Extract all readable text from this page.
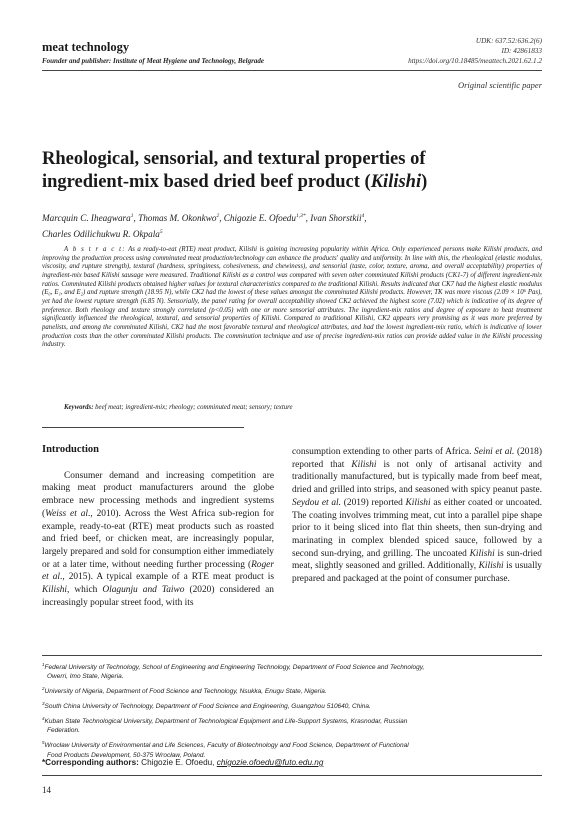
meat technology
Founder and publisher: Institute of Meat Hygiene and Technology, Belgrade
UDK: 637.52:636.2(6)
ID: 42861833
https://doi.org/10.18485/meattech.2021.62.1.2
Original scientific paper
Rheological, sensorial, and textural properties of
ingredient-mix based dried beef product (Kilishi)
Marcquin C. Iheagwara$^1$, Thomas M. Okonkwo$^2$, Chigozie E. Ofoedu$^{1,3*}$, Ivan Shorstkii$^4$,
Charles Odilichukwu R. Okpala$^5$
A b s t r a c t: As a ready-to-eat (RTE) meat product, Kilishi is gaining increasing popularity within Africa. Only experienced persons make Kilishi products, and improving the production process using comminuted meat production/technology can enhance the products' quality and uniformity. In line with this, the rheological (elastic modulus, viscosity, and rupture strength), textural (hardness, springiness, cohesiveness, and chewiness), and sensorial (taste, color, texture, aroma, and overall acceptability) properties of ingredient-mix based Kilishi sausage were measured. Traditional Kilishi as a control was compared with seven other comminuted Kilishi products (CK1-7) of different ingredient-mix ratios. Comminuted Kilishi products obtained higher values for textural characteristics compared to the traditional Kilishi. Results indicated that CK7 had the highest elastic modulus (E₀, E₁, and E₂) and rupture strength (18.95 N), while CK2 had the lowest of these values amongst the comminuted Kilishi products. However, TK was more viscous (2.09 × 10⁶ Pas), yet had the lowest rupture strength (6.85 N). Sensorially, the panel rating for overall acceptability showed CK2 achieved the highest score (7.02) which is indicative of its degree of preference. Both rheology and texture strongly correlated (p<0.05) with one or more sensorial attributes. The ingredient-mix ratios and degree of exposure to heat treatment significantly influenced the rheological, textural, and sensorial properties of Kilishi. Compared to traditional Kilishi, CK2 appears very promising as it was more preferred by panelists, and among the comminuted Kilishi, CK2 had the most favorable textural and rheological attributes, and had the lowest ingredient-mix ratio, which is indicative of lower production costs than the other comminuted Kilishi products. The comminution technique and use of precise ingredient-mix ratios can provide added value in the Kilishi processing industry.
Keywords: beef meat; ingredient-mix; rheology; comminuted meat; sensory; texture
Introduction

Consumer demand and increasing competition are making meat product manufacturers around the globe embrace new processing methods and ingredient systems (Weiss et al., 2010). Across the West Africa sub-region for example, ready-to-eat (RTE) meat products such as roasted and fried beef, or chicken meat, are increasingly popular, largely prepared and sold for consumption either immediately or at a later time, without needing further processing (Roger et al., 2015). A typical example of a RTE meat product is Kilishi, which Olagunju and Taiwo (2020) considered an increasingly popular street food, with its

consumption extending to other parts of Africa. Seini et al. (2018) reported that Kilishi is not only of artisanal activity and traditionally manufactured, but is typically made from beef meat, dried and grilled into strips, and seasoned with spicy peanut paste. Seydou et al. (2019) reported Kilishi as either coated or uncoated. The coating involves trimming meat, cut into a parallel pipe shape prior to it being sliced into flat thin sheets, then sun-drying and marinating in complex blended spiced sauce, followed by a second sun-drying, and grilling. The uncoated Kilishi is sun-dried meat, slightly seasoned and grilled. Additionally, Kilishi is usually prepared and packaged at the point of consumer purchase.

$^1$Federal University of Technology, School of Engineering and Engineering Technology, Department of Food Science and Technology,
Owerri, Imo State, Nigeria.
$^2$University of Nigeria, Department of Food Science and Technology, Nsukka, Enugu State, Nigeria.
$^3$South China University of Technology, Department of Food Science and Engineering, Guangzhou 510640, China.
$^4$Kuban State Technological University, Department of Technological Equipment and Life-Support Systems, Krasnodar, Russian
Federation.
$^5$Wrocław University of Environmental and Life Sciences, Faculty of Biotechnology and Food Science, Department of Functional
Food Products Development, 50-375 Wrocław, Poland.
*Corresponding authors: Chigozie E. Ofoedu, chigozie.ofoedu@futo.edu.ng
14
